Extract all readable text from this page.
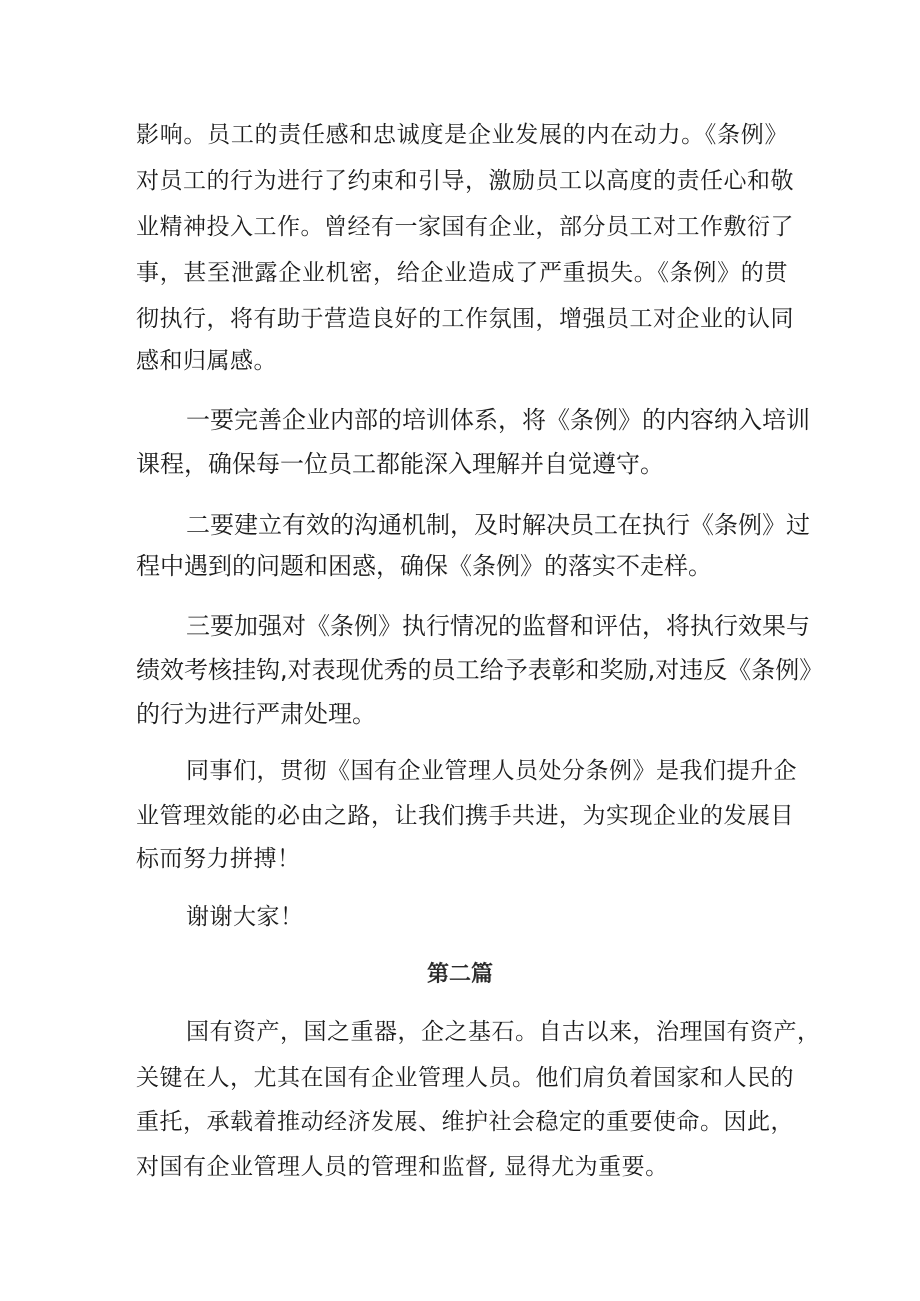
影响。员工的责任感和忠诚度是企业发展的内在动力。《条例》

对员工的行为进行了约束和引导，激励员工以高度的责任心和敬

业精神投入工作。曾经有一家国有企业，部分员工对工作敷衍了

事，甚至泄露企业机密，给企业造成了严重损失。《条例》的贯

彻执行，将有助于营造良好的工作氛围，增强员工对企业的认同

感和归属感。

一要完善企业内部的培训体系，将《条例》的内容纳入培训

课程，确保每一位员工都能深入理解并自觉遵守。

二要建立有效的沟通机制，及时解决员工在执行《条例》过

程中遇到的问题和困惑，确保《条例》的落实不走样。

三要加强对《条例》执行情况的监督和评估，将执行效果与

绩效考核挂钩,对表现优秀的员工给予表彰和奖励,对违反《条例》

的行为进行严肃处理。

同事们，贯彻《国有企业管理人员处分条例》是我们提升企

业管理效能的必由之路，让我们携手共进，为实现企业的发展目

标而努力拼搏！

谢谢大家！

第二篇

国有资产，国之重器，企之基石。自古以来，治理国有资产，

关键在人，尤其在国有企业管理人员。他们肩负着国家和人民的

重托，承载着推动经济发展、维护社会稳定的重要使命。因此，

对国有企业管理人员的管理和监督, 显得尤为重要。
